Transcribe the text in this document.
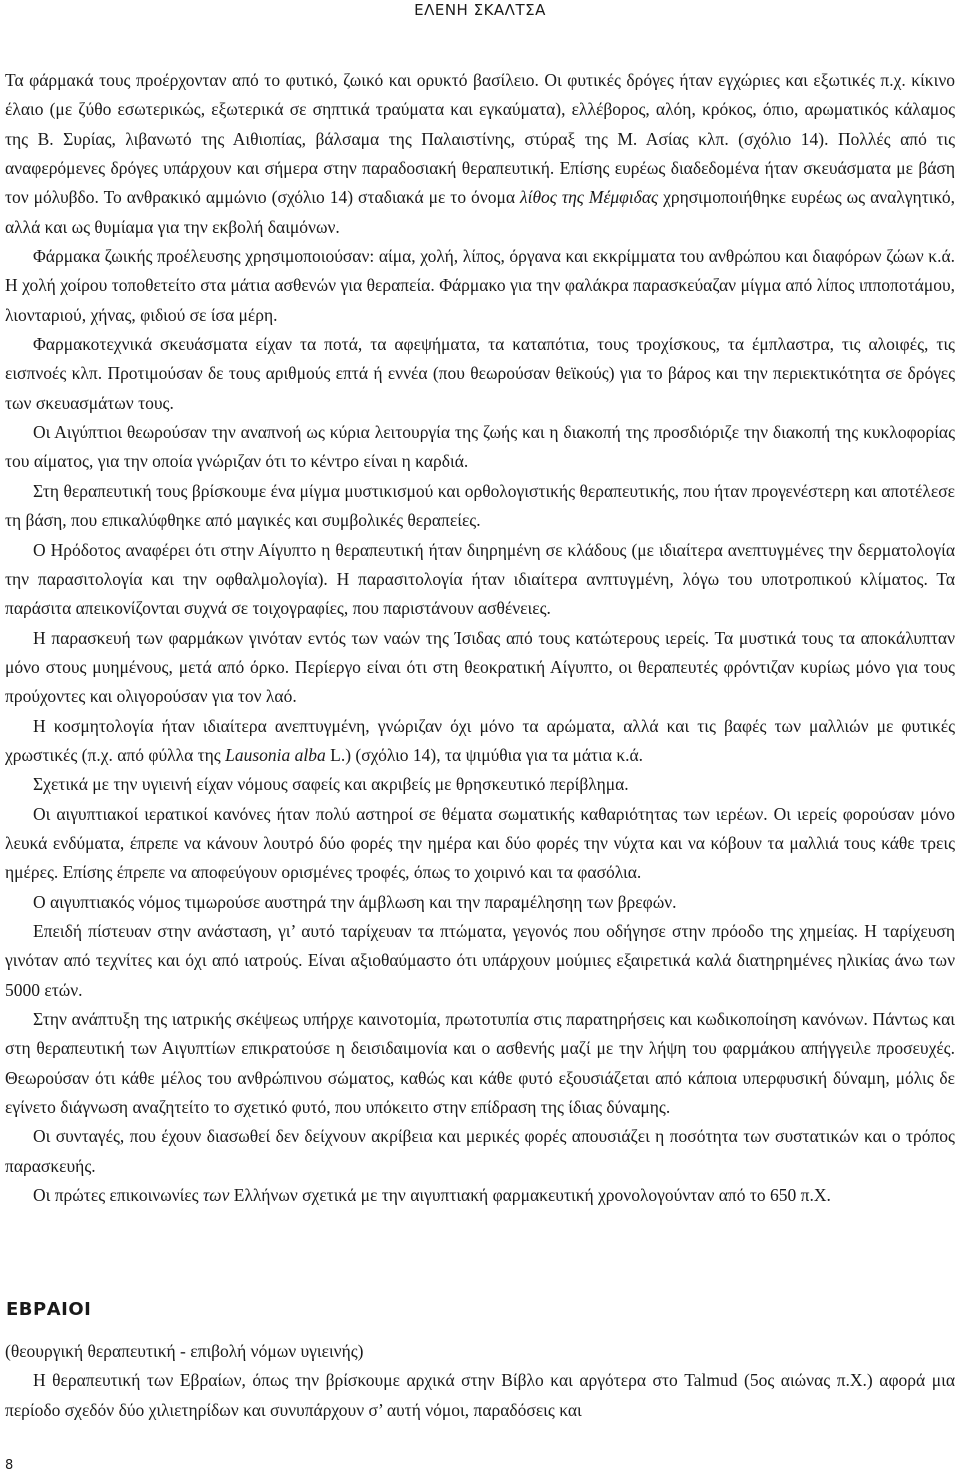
ΕΛΕΝΗ ΣΚΑΛΤΣΑ

Τα φάρμακά τους προέρχονταν από το φυτικό, ζωικό και ορυκτό βασίλειο. Οι φυτικές δρόγες ήταν εγχώριες και εξωτικές π.χ. κίκινο έλαιο (με ζύθο εσωτερικώς, εξωτερικά σε σηπτικά τραύματα και εγκαύματα), ελλέβορος, αλόη, κρόκος, όπιο, αρωματικός κάλαμος της Β. Συρίας, λιβανωτό της Αιθιοπίας, βάλσαμα της Παλαιστίνης, στύραξ της Μ. Ασίας κλπ. (σχόλιο 14). Πολλές από τις αναφερόμενες δρόγες υπάρχουν και σήμερα στην παραδοσιακή θεραπευτική. Επίσης ευρέως διαδεδομένα ήταν σκευάσματα με βάση τον μόλυβδο. Το ανθρακικό αμμώνιο (σχόλιο 14) σταδιακά με το όνομα λίθος της Μέμφιδας χρησιμοποιήθηκε ευρέως ως αναλγητικό, αλλά και ως θυμίαμα για την εκβολή δαιμόνων.

Φάρμακα ζωικής προέλευσης χρησιμοποιούσαν: αίμα, χολή, λίπος, όργανα και εκκρίμματα του ανθρώπου και διαφόρων ζώων κ.ά. Η χολή χοίρου τοποθετείτο στα μάτια ασθενών για θεραπεία. Φάρμακο για την φαλάκρα παρασκεύαζαν μίγμα από λίπος ιπποποτάμου, λιονταριού, χήνας, φιδιού σε ίσα μέρη.

Φαρμακοτεχνικά σκευάσματα είχαν τα ποτά, τα αφεψήματα, τα καταπότια, τους τροχίσκους, τα έμπλαστρα, τις αλοιφές, τις εισπνοές κλπ. Προτιμούσαν δε τους αριθμούς επτά ή εννέα (που θεωρούσαν θεϊκούς) για το βάρος και την περιεκτικότητα σε δρόγες των σκευασμάτων τους.

Οι Αιγύπτιοι θεωρούσαν την αναπνοή ως κύρια λειτουργία της ζωής και η διακοπή της προσδιόριζε την διακοπή της κυκλοφορίας του αίματος, για την οποία γνώριζαν ότι το κέντρο είναι η καρδιά.

Στη θεραπευτική τους βρίσκουμε ένα μίγμα μυστικισμού και ορθολογιστικής θεραπευτικής, που ήταν προγενέστερη και αποτέλεσε τη βάση, που επικαλύφθηκε από μαγικές και συμβολικές θεραπείες.

Ο Ηρόδοτος αναφέρει ότι στην Αίγυπτο η θεραπευτική ήταν διηρημένη σε κλάδους (με ιδιαίτερα ανεπτυγμένες την δερματολογία την παρασιτολογία και την οφθαλμολογία). Η παρασιτολογία ήταν ιδιαίτερα ανπτυγμένη, λόγω του υποτροπικού κλίματος. Τα παράσιτα απεικονίζονται συχνά σε τοιχογραφίες, που παριστάνουν ασθένειες.

Η παρασκευή των φαρμάκων γινόταν εντός των ναών της Ίσιδας από τους κατώτερους ιερείς. Τα μυστικά τους τα αποκάλυπταν μόνο στους μυημένους, μετά από όρκο. Περίεργο είναι ότι στη θεοκρατική Αίγυπτο, οι θεραπευτές φρόντιζαν κυρίως μόνο για τους προύχοντες και ολιγορούσαν για τον λαό.

Η κοσμητολογία ήταν ιδιαίτερα ανεπτυγμένη, γνώριζαν όχι μόνο τα αρώματα, αλλά και τις βαφές των μαλλιών με φυτικές χρωστικές (π.χ. από φύλλα της Lausonia alba L.) (σχόλιο 14), τα ψιμύθια για τα μάτια κ.ά.

Σχετικά με την υγιεινή είχαν νόμους σαφείς και ακριβείς με θρησκευτικό περίβλημα.

Οι αιγυπτιακοί ιερατικοί κανόνες ήταν πολύ αστηροί σε θέματα σωματικής καθαριότητας των ιερέων. Οι ιερείς φορούσαν μόνο λευκά ενδύματα, έπρεπε να κάνουν λουτρό δύο φορές την ημέρα και δύο φορές την νύχτα και να κόβουν τα μαλλιά τους κάθε τρεις ημέρες. Επίσης έπρεπε να αποφεύγουν ορισμένες τροφές, όπως το χοιρινό και τα φασόλια.

Ο αιγυπτιακός νόμος τιμωρούσε αυστηρά την άμβλωση και την παραμέλησηη των βρεφών.

Επειδή πίστευαν στην ανάσταση, γι’ αυτό ταρίχευαν τα πτώματα, γεγονός που οδήγησε στην πρόοδο της χημείας. Η ταρίχευση γινόταν από τεχνίτες και όχι από ιατρούς. Είναι αξιοθαύμαστο ότι υπάρχουν μούμιες εξαιρετικά καλά διατηρημένες ηλικίας άνω των 5000 ετών.

Στην ανάπτυξη της ιατρικής σκέψεως υπήρχε καινοτομία, πρωτοτυπία στις παρατηρήσεις και κωδικοποίηση κανόνων. Πάντως και στη θεραπευτική των Αιγυπτίων επικρατούσε η δεισιδαιμονία και ο ασθενής μαζί με την λήψη του φαρμάκου απήγγειλε προσευχές. Θεωρούσαν ότι κάθε μέλος του ανθρώπινου σώματος, καθώς και κάθε φυτό εξουσιάζεται από κάποια υπερφυσική δύναμη, μόλις δε εγίνετο διάγνωση αναζητείτο το σχετικό φυτό, που υπόκειτο στην επίδραση της ίδιας δύναμης.

Οι συνταγές, που έχουν διασωθεί δεν δείχνουν ακρίβεια και μερικές φορές απουσιάζει η ποσότητα των συστατικών και ο τρόπος παρασκευής.

Οι πρώτες επικοινωνίες των Ελλήνων σχετικά με την αιγυπτιακή φαρμακευτική χρονολογούνταν από το 650 π.Χ.

ΕΒΡΑΙΟΙ

(θεουργική θεραπευτική - επιβολή νόμων υγιεινής)

Η θεραπευτική των Εβραίων, όπως την βρίσκουμε αρχικά στην Βίβλο και αργότερα στο Talmud (5ος αιώνας π.Χ.) αφορά μια περίοδο σχεδόν δύο χιλιετηρίδων και συνυπάρχουν σ’ αυτή νόμοι, παραδόσεις και

8
